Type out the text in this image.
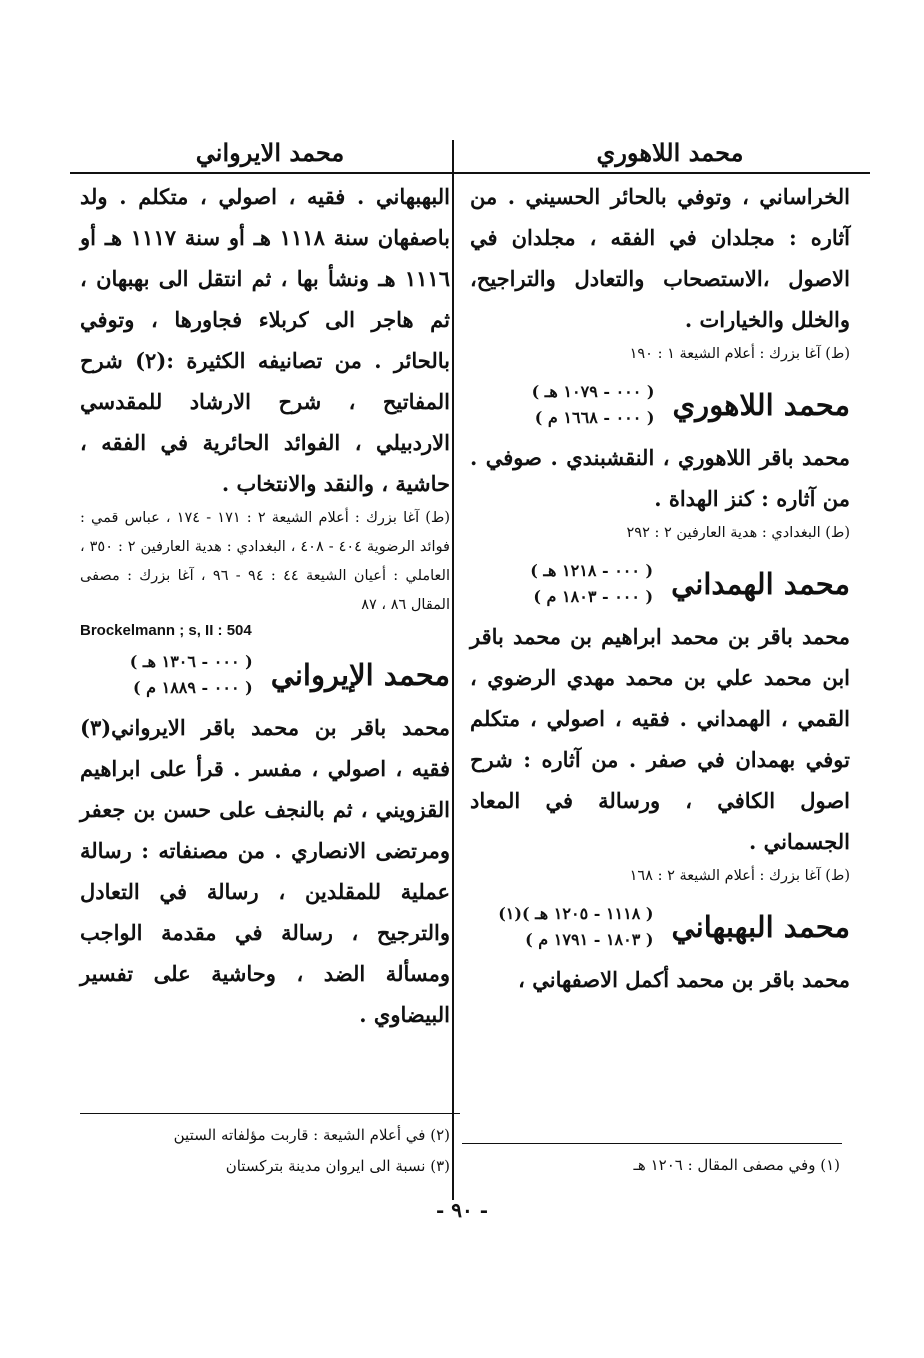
محمد اللاهوري
محمد الايرواني

الخراساني ، وتوفي بالحائر الحسيني . من آثاره : مجلدان في الفقه ، مجلدان في الاصول ،الاستصحاب والتعادل والتراجيح، والخلل والخيارات .

(ط) آغا بزرك : أعلام الشيعة ١ : ١٩٠

محمد اللاهوري
( ٠٠٠ - ١٠٧٩ هـ )
( ٠٠٠ - ١٦٦٨ م )

محمد باقر اللاهوري ، النقشبندي . صوفي . من آثاره : كنز الهداة .

(ط) البغدادي : هدية العارفين ٢ : ٢٩٢

محمد الهمداني
( ٠٠٠ - ١٢١٨ هـ )
( ٠٠٠ - ١٨٠٣ م )

محمد باقر بن محمد ابراهيم بن محمد باقر ابن محمد علي بن محمد مهدي الرضوي ، القمي ، الهمداني . فقيه ، اصولي ، متكلم توفي بهمدان في صفر . من آثاره : شرح اصول الكافي ، ورسالة في المعاد الجسماني .

(ط) آغا بزرك : أعلام الشيعة ٢ : ١٦٨

محمد البهبهاني
( ١١١٨ - ١٢٠٥ هـ )(١)
( ١٨٠٣ - ١٧٩١ م )

محمد باقر بن محمد أكمل الاصفهاني ،

البهبهاني . فقيه ، اصولي ، متكلم . ولد باصفهان سنة ١١١٨ هـ أو سنة ١١١٧ هـ أو ١١١٦ هـ ونشأ بها ، ثم انتقل الى بهبهان ، ثم هاجر الى كربلاء فجاورها ، وتوفي بالحائر . من تصانيفه الكثيرة :(٢) شرح المفاتيح ، شرح الارشاد للمقدسي الاردبيلي ، الفوائد الحائرية في الفقه ، حاشية ، والنقد والانتخاب .

(ط) آغا بزرك : أعلام الشيعة ٢ : ١٧١ - ١٧٤ ، عباس قمي : فوائد الرضوية ٤٠٤ - ٤٠٨ ، البغدادي : هدية العارفين ٢ : ٣٥٠ ، العاملي : أعيان الشيعة ٤٤ : ٩٤ - ٩٦ ، آغا بزرك : مصفى المقال ٨٦ ، ٨٧

Brockelmann ; s, II : 504

محمد الإيرواني
( ٠٠٠ - ١٣٠٦ هـ )
( ٠٠٠ - ١٨٨٩ م )

محمد باقر بن محمد باقر الايرواني(٣) فقيه ، اصولي ، مفسر . قرأ على ابراهيم القزويني ، ثم بالنجف على حسن بن جعفر ومرتضى الانصاري . من مصنفاته : رسالة عملية للمقلدين ، رسالة في التعادل والترجيح ، رسالة في مقدمة الواجب ومسألة الضد ، وحاشية على تفسير البيضاوي .

(١) وفي مصفى المقال : ١٢٠٦ هـ
(٢) في أعلام الشيعة : قاربت مؤلفاته الستين
(٣) نسبة الى ايروان مدينة بتركستان
- ٩٠ -
